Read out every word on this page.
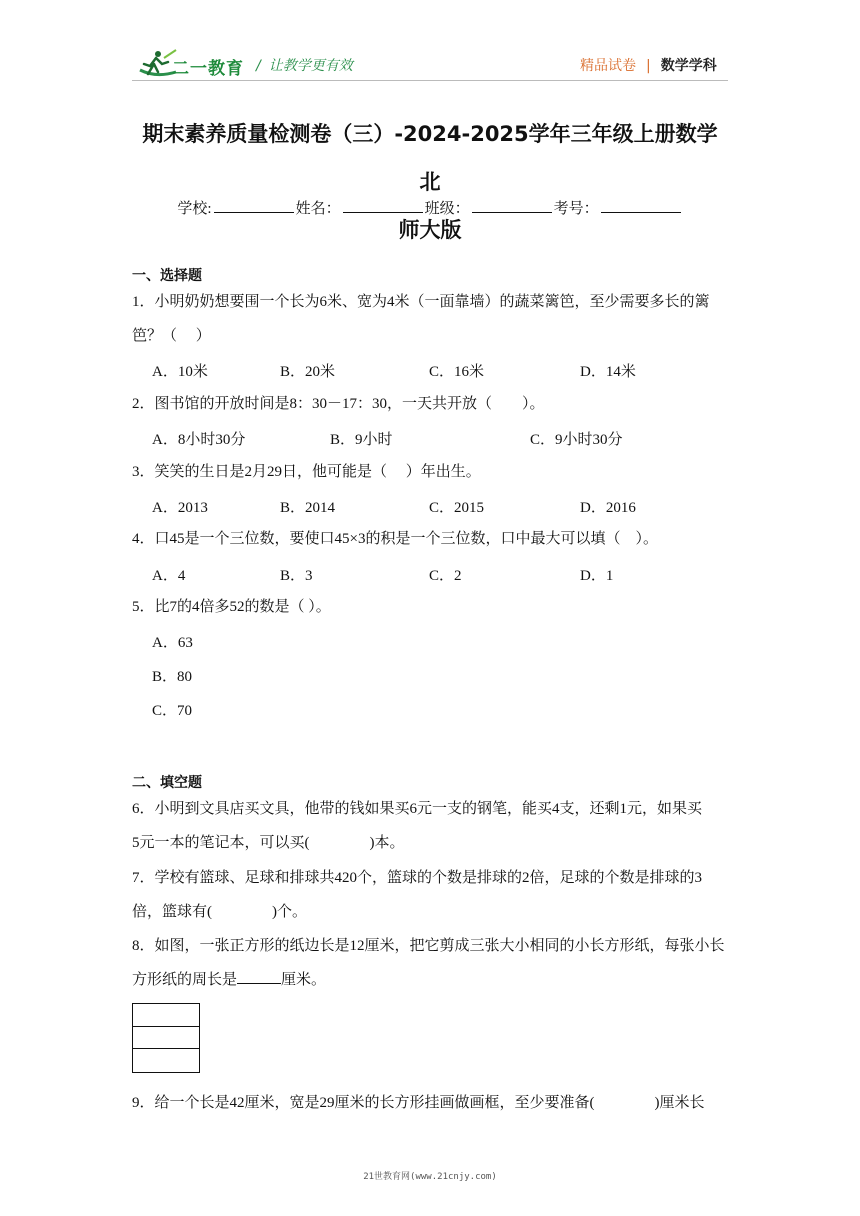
二一教育 / 让教学更有效	精品试卷 | 数学学科
期末素养质量检测卷（三）-2024-2025学年三年级上册数学北
师大版
学校:	姓名：	班级：	考号：
一、选择题
1．小明奶奶想要围一个长为6米、宽为4米（一面靠墙）的蔬菜篱笆，至少需要多长的篱
笆？（　 ）
A．10米	B．20米	C．16米	D．14米
2．图书馆的开放时间是8：30－17：30，一天共开放（　　）。
A．8小时30分	B．9小时	C．9小时30分
3．笑笑的生日是2月29日，他可能是（　 ）年出生。
A．2013	B．2014	C．2015	D．2016
4．口45是一个三位数，要使口45×3的积是一个三位数，口中最大可以填（　）。
A．4	B．3	C．2	D．1
5．比7的4倍多52的数是（ ）。
A．63
B．80
C．70
二、填空题
6．小明到文具店买文具，他带的钱如果买6元一支的钢笔，能买4支，还剩1元，如果买
5元一本的笔记本，可以买(　　　　)本。
7．学校有篮球、足球和排球共420个，篮球的个数是排球的2倍，足球的个数是排球的3
倍，篮球有(　　　　)个。
8．如图，一张正方形的纸边长是12厘米，把它剪成三张大小相同的小长方形纸，每张小长
方形纸的周长是	厘米。
9．给一个长是42厘米，宽是29厘米的长方形挂画做画框，至少要准备(　　　　)厘米长
21世教育网(www.21cnjy.com)
